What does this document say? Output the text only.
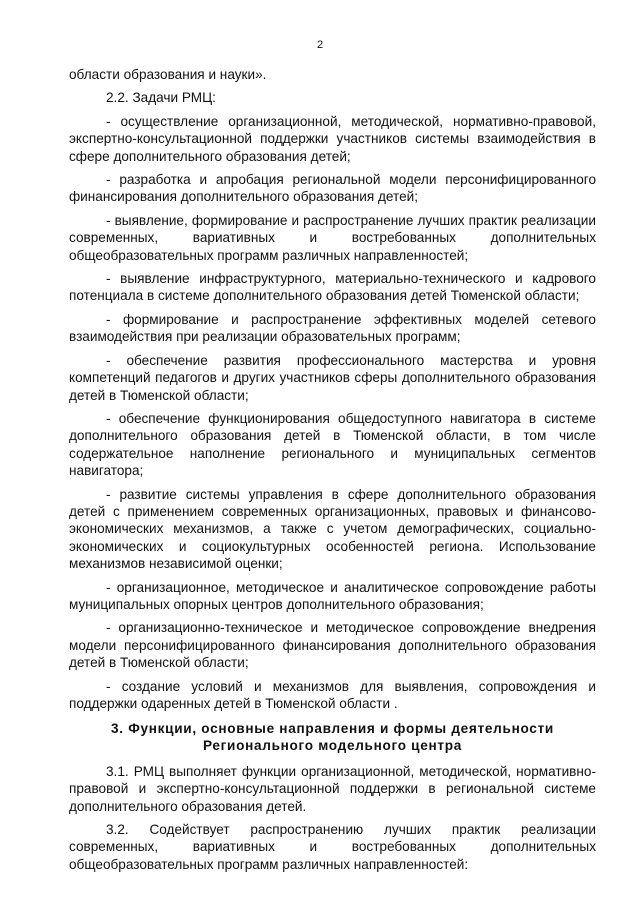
2

области образования и науки».

2.2. Задачи РМЦ:

- осуществление организационной, методической, нормативно-правовой, экспертно-консультационной поддержки участников системы взаимодействия в сфере дополнительного образования детей;

- разработка и апробация региональной модели персонифицированного финансирования дополнительного образования детей;

- выявление, формирование и распространение лучших практик реализации современных, вариативных и востребованных дополнительных общеобразовательных программ различных направленностей;

- выявление инфраструктурного, материально-технического и кадрового потенциала в системе дополнительного образования детей Тюменской области;

- формирование и распространение эффективных моделей сетевого взаимодействия при реализации образовательных программ;

- обеспечение развития профессионального мастерства и уровня компетенций педагогов и других участников сферы дополнительного образования детей в Тюменской области;

- обеспечение функционирования общедоступного навигатора в системе дополнительного образования детей в Тюменской области, в том числе содержательное наполнение регионального и муниципальных сегментов навигатора;

- развитие системы управления в сфере дополнительного образования детей с применением современных организационных, правовых и финансово-экономических механизмов, а также с учетом демографических, социально-экономических и социокультурных особенностей региона. Использование механизмов независимой оценки;

- организационное, методическое и аналитическое сопровождение работы муниципальных опорных центров дополнительного образования;

- организационно-техническое и методическое сопровождение внедрения модели персонифицированного финансирования дополнительного образования детей в Тюменской области;

- создание условий и механизмов для выявления, сопровождения и поддержки одаренных детей в Тюменской области .

3. Функции, основные направления и формы деятельности
Регионального модельного центра

3.1. РМЦ выполняет функции организационной, методической, нормативно-правовой и экспертно-консультационной поддержки в региональной системе дополнительного образования детей.

3.2. Содействует распространению лучших практик реализации современных, вариативных и востребованных дополнительных общеобразовательных программ различных направленностей:
